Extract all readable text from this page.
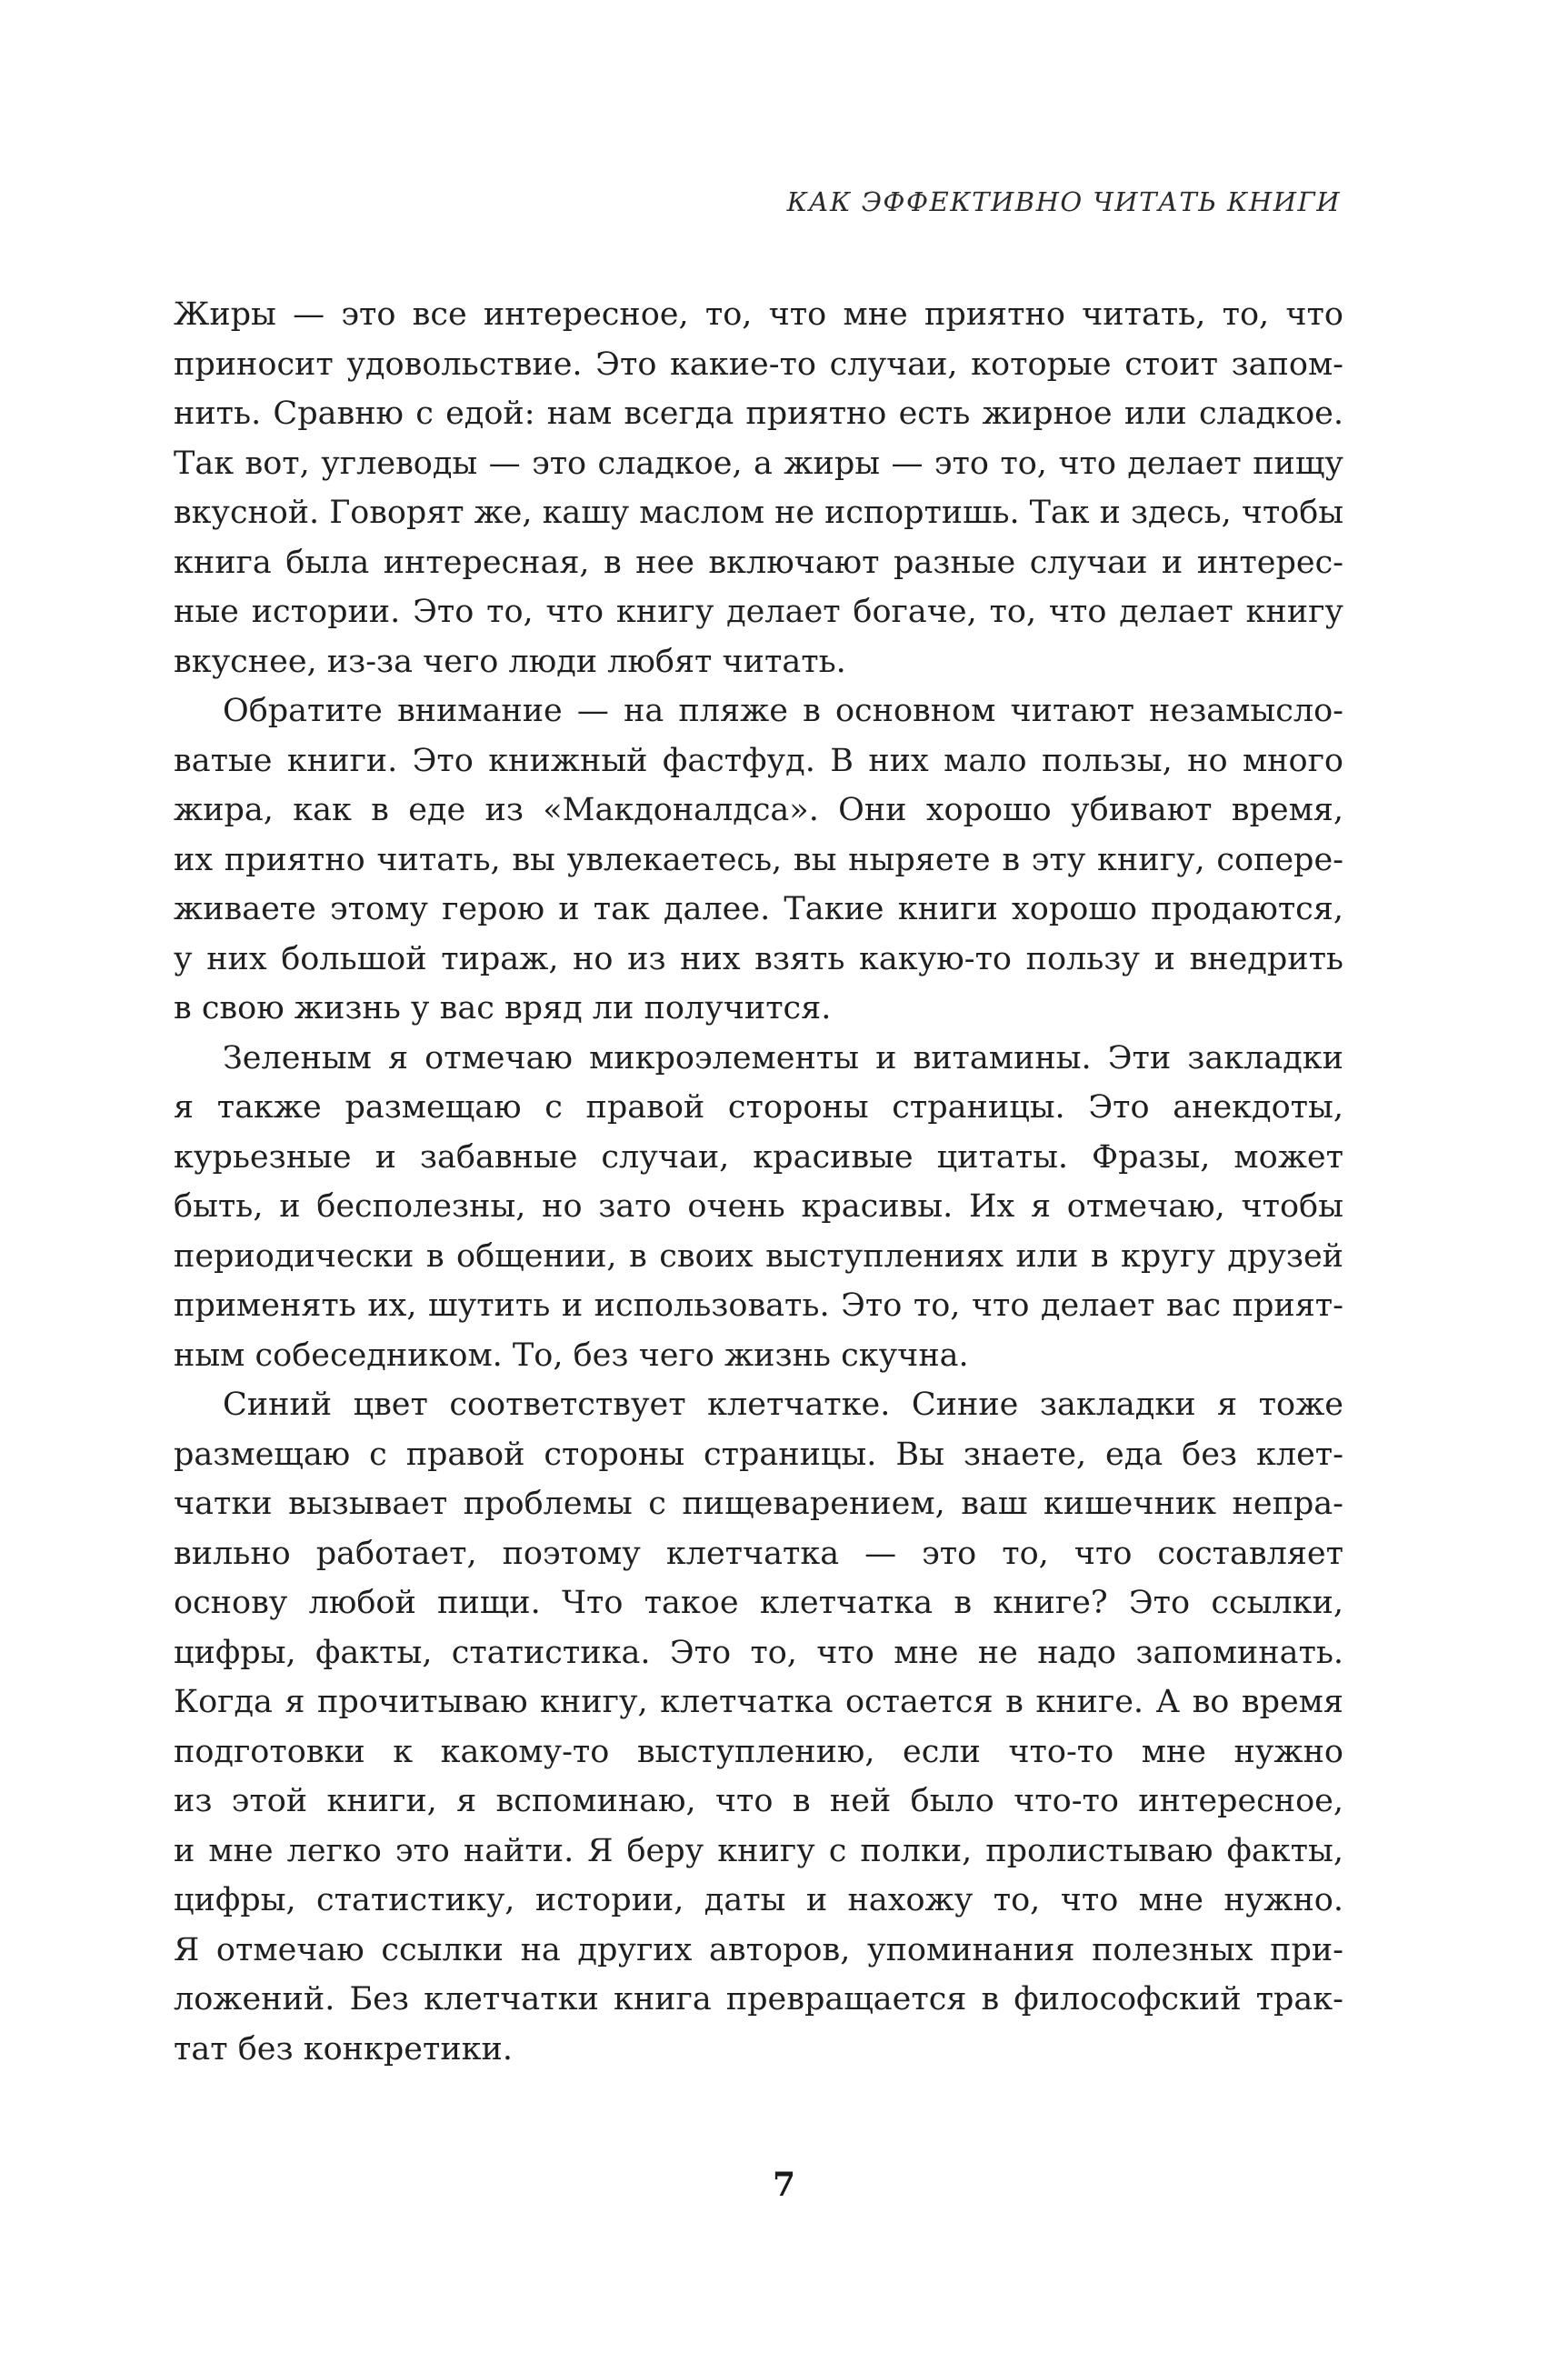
КАК ЭФФЕКТИВНО ЧИТАТЬ КНИГИ
Жиры — это все интересное, то, что мне приятно читать, то, что
приносит удовольствие. Это какие-то случаи, которые стоит запом-
нить. Сравню с едой: нам всегда приятно есть жирное или сладкое.
Так вот, углеводы — это сладкое, а жиры — это то, что делает пищу
вкусной. Говорят же, кашу маслом не испортишь. Так и здесь, чтобы
книга была интересная, в нее включают разные случаи и интерес-
ные истории. Это то, что книгу делает богаче, то, что делает книгу
вкуснее, из-за чего люди любят читать.
Обратите внимание — на пляже в основном читают незамысло-
ватые книги. Это книжный фастфуд. В них мало пользы, но много
жира, как в еде из «Макдоналдса». Они хорошо убивают время,
их приятно читать, вы увлекаетесь, вы ныряете в эту книгу, сопере-
живаете этому герою и так далее. Такие книги хорошо продаются,
у них большой тираж, но из них взять какую-то пользу и внедрить
в свою жизнь у вас вряд ли получится.
Зеленым я отмечаю микроэлементы и витамины. Эти закладки
я также размещаю с правой стороны страницы. Это анекдоты,
курьезные и забавные случаи, красивые цитаты. Фразы, может
быть, и бесполезны, но зато очень красивы. Их я отмечаю, чтобы
периодически в общении, в своих выступлениях или в кругу друзей
применять их, шутить и использовать. Это то, что делает вас прият-
ным собеседником. То, без чего жизнь скучна.
Синий цвет соответствует клетчатке. Синие закладки я тоже
размещаю с правой стороны страницы. Вы знаете, еда без клет-
чатки вызывает проблемы с пищеварением, ваш кишечник непра-
вильно работает, поэтому клетчатка — это то, что составляет
основу любой пищи. Что такое клетчатка в книге? Это ссылки,
цифры, факты, статистика. Это то, что мне не надо запоминать.
Когда я прочитываю книгу, клетчатка остается в книге. А во время
подготовки к какому-то выступлению, если что-то мне нужно
из этой книги, я вспоминаю, что в ней было что-то интересное,
и мне легко это найти. Я беру книгу с полки, пролистываю факты,
цифры, статистику, истории, даты и нахожу то, что мне нужно.
Я отмечаю ссылки на других авторов, упоминания полезных при-
ложений. Без клетчатки книга превращается в философский трак-
тат без конкретики.
7
